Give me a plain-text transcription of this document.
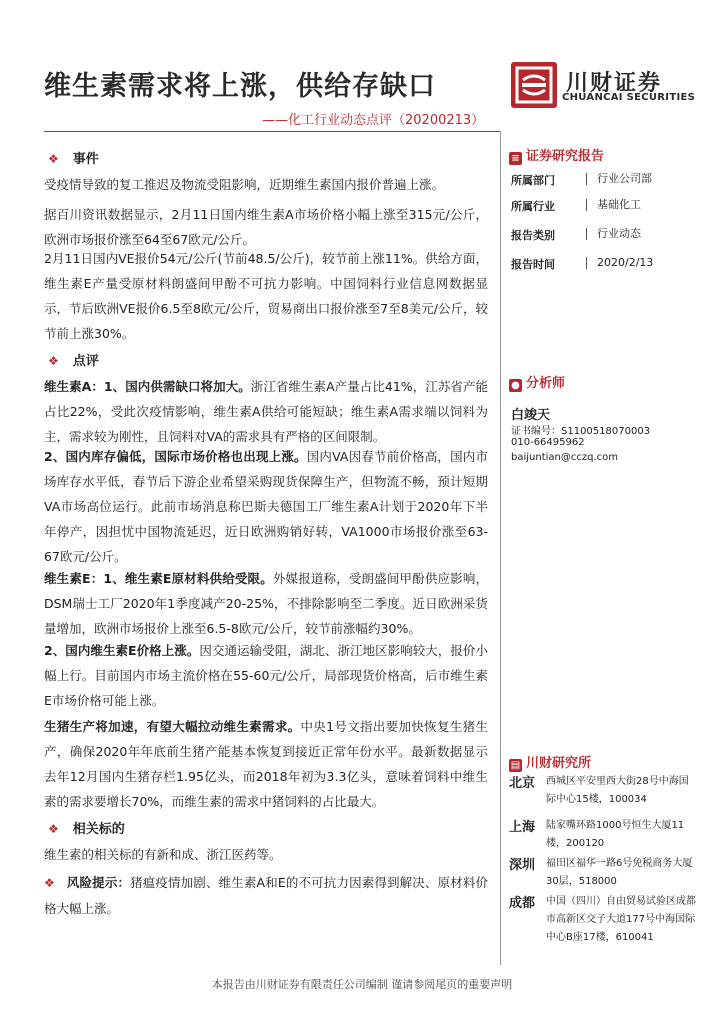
维生素需求将上涨，供给存缺口
——化工行业动态点评（20200213）
川财证券
CHUANCAI SECURITIES
❖ 事件
受疫情导致的复工推迟及物流受阻影响，近期维生素国内报价普遍上涨。
据百川资讯数据显示，2月11日国内维生素A市场价格小幅上涨至315元/公斤，欧洲市场报价涨至64至67欧元/公斤。
2月11日国内VE报价54元/公斤(节前48.5/公斤)，较节前上涨11%。供给方面，维生素E产量受原材料朗盛间甲酚不可抗力影响。中国饲料行业信息网数据显示，节后欧洲VE报价6.5至8欧元/公斤，贸易商出口报价涨至7至8美元/公斤，较节前上涨30%。
❖ 点评
维生素A：1、国内供需缺口将加大。浙江省维生素A产量占比41%，江苏省产能占比22%，受此次疫情影响，维生素A供给可能短缺；维生素A需求端以饲料为主，需求较为刚性，且饲料对VA的需求具有严格的区间限制。
2、国内库存偏低，国际市场价格也出现上涨。国内VA因春节前价格高，国内市场库存水平低，春节后下游企业希望采购现货保障生产，但物流不畅，预计短期VA市场高位运行。此前市场消息称巴斯夫德国工厂维生素A计划于2020年下半年停产，因担忧中国物流延迟，近日欧洲购销好转，VA1000市场报价涨至63-67欧元/公斤。
维生素E：1、维生素E原材料供给受限。外媒报道称，受朗盛间甲酚供应影响，DSM瑞士工厂2020年1季度减产20-25%，不排除影响至二季度。近日欧洲采货量增加，欧洲市场报价上涨至6.5-8欧元/公斤，较节前涨幅约30%。
2、国内维生素E价格上涨。因交通运输受阻，湖北、浙江地区影响较大，报价小幅上行。目前国内市场主流价格在55-60元/公斤，局部现货价格高，后市维生素E市场价格可能上涨。
生猪生产将加速，有望大幅拉动维生素需求。中央1号文指出要加快恢复生猪生产，确保2020年年底前生猪产能基本恢复到接近正常年份水平。最新数据显示去年12月国内生猪存栏1.95亿头，而2018年初为3.3亿头，意味着饲料中维生素的需求要增长70%，而维生素的需求中猪饲料的占比最大。
❖ 相关标的
维生素的相关标的有新和成、浙江医药等。
❖ 风险提示：猪瘟疫情加剧、维生素A和E的不可抗力因素得到解决、原材料价格大幅上涨。
≡ 证券研究报告
所属部门	行业公司部
所属行业	基础化工
报告类别	行业动态
报告时间	2020/2/13
● 分析师
白竣天
证书编号：S1100518070003
010-66495962
baijuntian@cczq.com
▤ 川财研究所
北京 西城区平安里西大街28号中海国际中心15楼，100034
上海 陆家嘴环路1000号恒生大厦11楼，200120
深圳 福田区福华一路6号免税商务大厦30层，518000
成都 中国（四川）自由贸易试验区成都市高新区交子大道177号中海国际中心B座17楼，610041
本报告由川财证券有限责任公司编制 谨请参阅尾页的重要声明
